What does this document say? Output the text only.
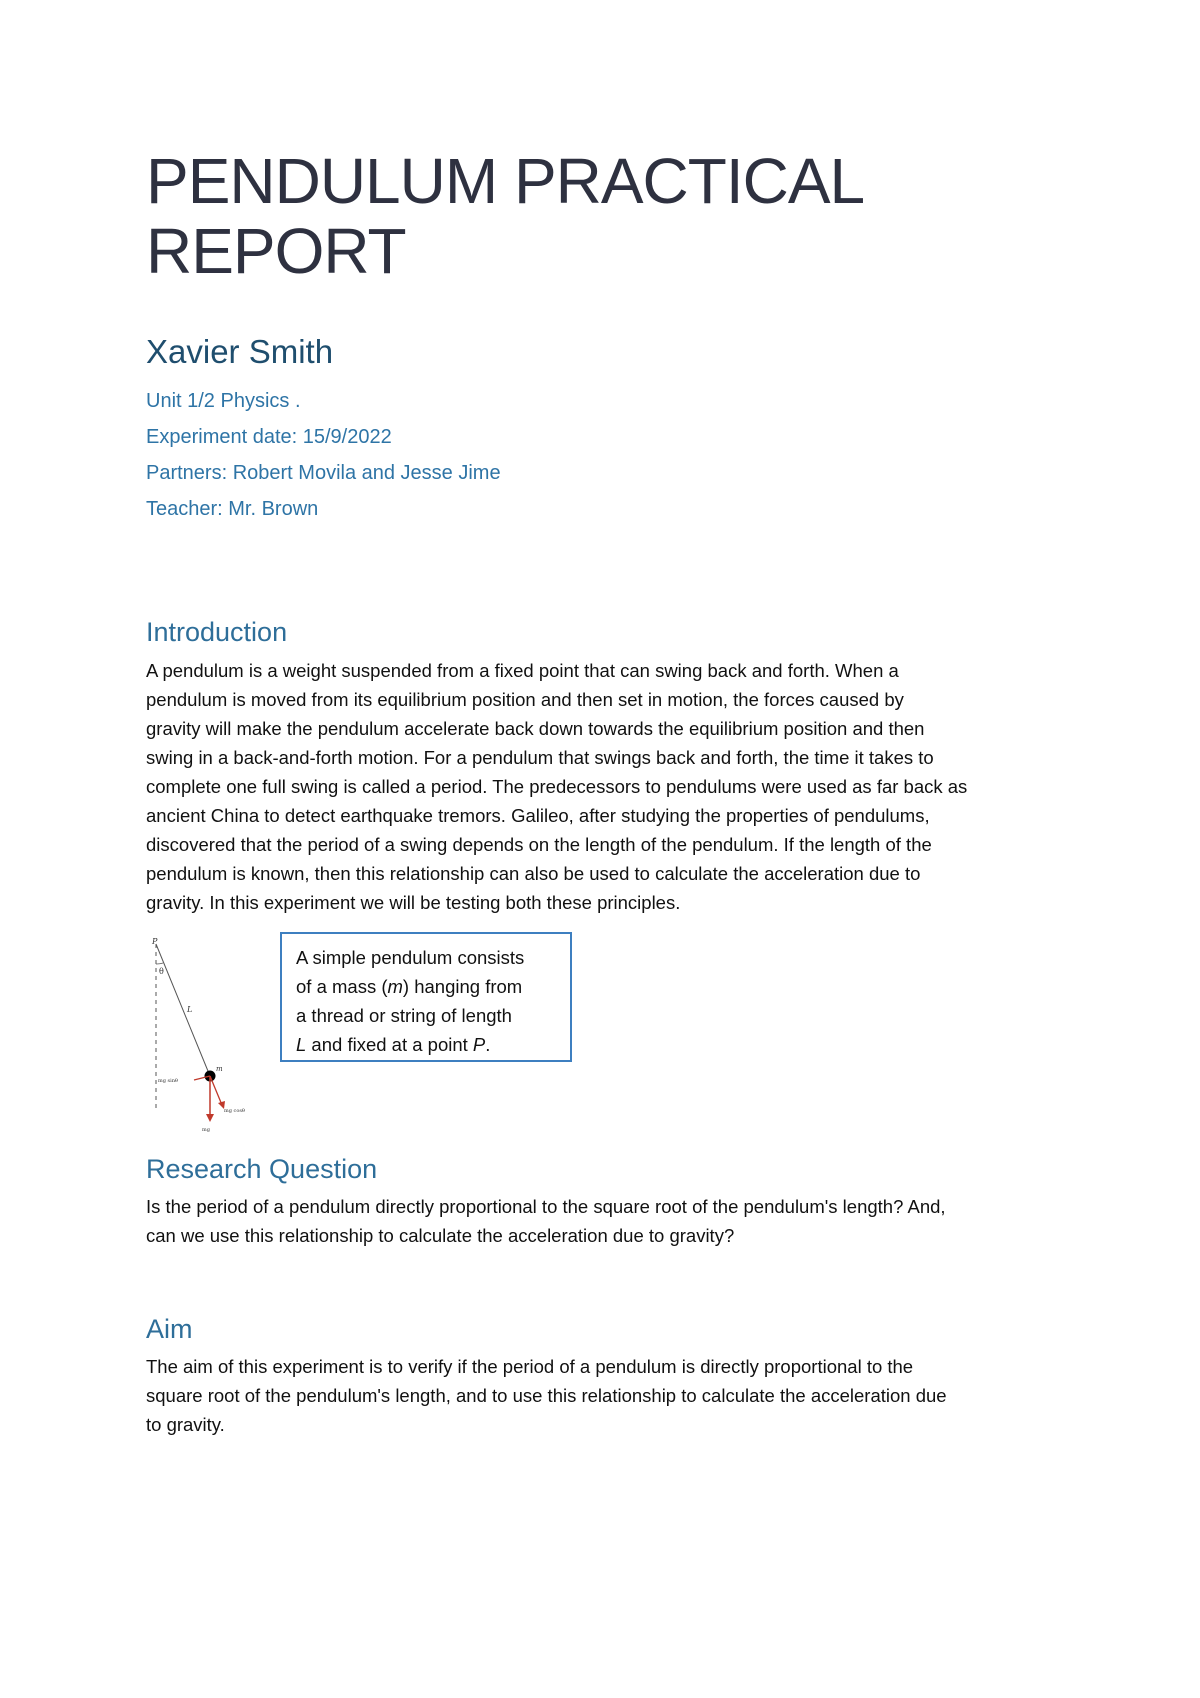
PENDULUM PRACTICAL
REPORT
Xavier Smith
Unit 1/2 Physics .
Experiment date: 15/9/2022
Partners: Robert Movila and Jesse Jime
Teacher: Mr. Brown
Introduction
A pendulum is a weight suspended from a fixed point that can swing back and forth. When a
pendulum is moved from its equilibrium position and then set in motion, the forces caused by
gravity will make the pendulum accelerate back down towards the equilibrium position and then
swing in a back-and-forth motion. For a pendulum that swings back and forth, the time it takes to
complete one full swing is called a period. The predecessors to pendulums were used as far back as
ancient China to detect earthquake tremors. Galileo, after studying the properties of pendulums,
discovered that the period of a swing depends on the length of the pendulum. If the length of the
pendulum is known, then this relationship can also be used to calculate the acceleration due to
gravity. In this experiment we will be testing both these principles.
P
θ
L
m
mg sinθ
mg cosθ
mg
A simple pendulum consists
of a mass (m) hanging from
a thread or string of length
L and fixed at a point P.
Research Question
Is the period of a pendulum directly proportional to the square root of the pendulum's length? And,
can we use this relationship to calculate the acceleration due to gravity?
Aim
The aim of this experiment is to verify if the period of a pendulum is directly proportional to the
square root of the pendulum's length, and to use this relationship to calculate the acceleration due
to gravity.
